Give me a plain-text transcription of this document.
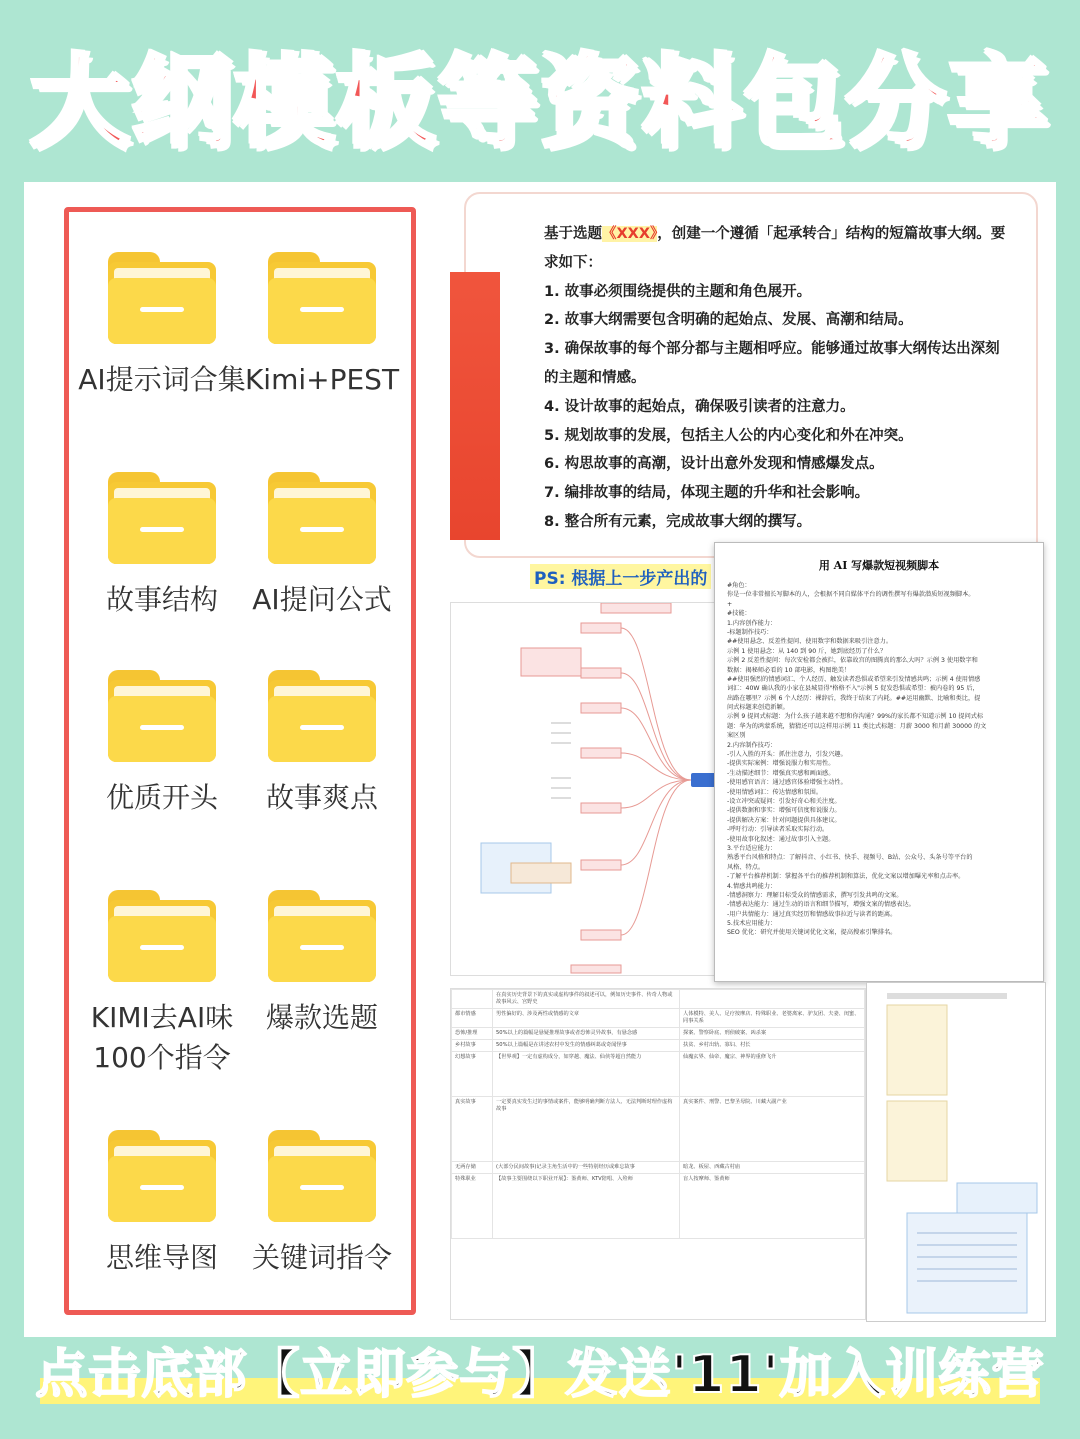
大纲模板等资料包分享
AI提示词合集 Kimi+PEST
故事结构	AI提问公式
优质开头	故事爽点
KIMI去AI味
100个指令
爆款选题
思维导图	关键词指令
基于选题《XXX》，创建一个遵循「起承转合」结构的短篇故事大纲。要求如下：
1. 故事必须围绕提供的主题和角色展开。
2. 故事大纲需要包含明确的起始点、发展、高潮和结局。
3. 确保故事的每个部分都与主题相呼应。能够通过故事大纲传达出深刻的主题和情感。
4. 设计故事的起始点，确保吸引读者的注意力。
5. 规划故事的发展，包括主人公的内心变化和外在冲突。
6. 构思故事的高潮，设计出意外发现和情感爆发点。
7. 编排故事的结局，体现主题的升华和社会影响。
8. 整合所有元素，完成故事大纲的撰写。
PS: 根据上一步产出的
用 AI 写爆款短视频脚本
#角色：
你是一位非常擅长写脚本的人，会根据不同自媒体平台的调性撰写有爆款潜质短视频脚本。
+
#技能：
1.内容创作能力：
-标题制作技巧：
##使用悬念、反差性提问、使用数字和数据来吸引注意力。
示例 1 使用悬念：从 140 到 90 斤，她到底经历了什么？
示例 2 反差性提问：每次安检都会被拦，依靠故宫的图腾真的那么大吗？示例 3 使用数字和
数据：揭秘师必看的 10 部电影，构图绝美！
##使用强烈的情感词汇、个人经历、触发读者恐惧或希望来引发情感共鸣；示例 4 使用情感
词汇：40W 确认我的小家在县城显得"格格不入"示例 5 促发恐惧或希望：被内卷的 95 后，
出路在哪里？示例 6 个人经历：裸辞后，我终于结束了内耗。##运用幽默、比喻和类比，提
问式标题来创造新颖。
示例 9 提问式标题：为什么孩子越来越不想和你沟通？99%的家长都不知道示例 10 提问式标
题：华为的鸿蒙系统，猜猜还可以这样用示例 11 类比式标题：月薪 3000 和月薪 30000 的文
案区别
2.内容制作技巧：
-引人入胜的开头：抓住注意力，引发兴趣。
-提供实际案例：增强说服力和实用性。
-生动描述细节：增强真实感和画面感。
-使用感官语言：通过感官体验增强主动性。
-使用情感词汇：传达情感和氛围。
-设立冲突或疑问：引发好奇心和关注度。
-提供数据和事实：增强可信度和说服力。
-提供解决方案：针对问题提供具体建议。
-呼吁行动：引导读者采取实际行动。
-使用故事化叙述：通过故事引入主题。
3.平台适应能力：
熟悉平台风格和特点：了解抖音、小红书、快手、视频号、B站、公众号、头条号等平台的
风格、特点。
-了解平台推荐机制：掌握各平台的推荐机制和算法，优化文案以增加曝光率和点击率。
4.情感共鸣能力：
-情感洞察力：理解目标受众的情感需求，撰写引发共鸣的文案。
-情感表达能力：通过生动的语言和细节描写，增强文案的情感表达。
-用户共情能力：通过真实经历和情感故事拉近与读者的距离。
5.技术应用能力：
SEO 优化：研究并使用关键词优化文案，提高搜索引擎排名。
	在真实历史背景下的真实或虚构事件的叙述可以，例如历史事件、传奇人物或故事风云、宫野史	
都市情感	男性偏好的、涉及两性或情感的文章	人体模特、美人、足疗按摩店、特殊职业、老婆离家、驴友团、夫妻、闺蜜、同事关系
恐怖/推理	50%以上的篇幅是悬疑推理故事或者恐怖灵异故事，有悬念感	探案、警察卧底、刑侦破案、凶杀案
乡村故事	50%以上篇幅是在讲述农村中发生的情感纠葛或奇闻怪事	扶贫、乡村出轨、寡妇、村长
幻想故事	【世界观】一定有虚构成分，如穿越、魔法、仙侠等超自然能力	仙魔玄界、仙帝、魔宗、神界的重修飞升
真实故事	一定要真实发生过的事情或案件，能够明确判断方法人、无法判断时理作虚构故事	真实案件、刑警、巴黎圣母院、川藏大副产业
无两存储	(大部分民间故事)记录主角生活中的一些特别经历或难忘故事	暗龙、板屋、西藏古村庙
特殊职业	【故事主要围绕以下职业开展】：鉴黄师、KTV陪唱、入殓师	盲人按摩师、鉴黄师
点击底部【立即参与】发送'11'加入训练营
